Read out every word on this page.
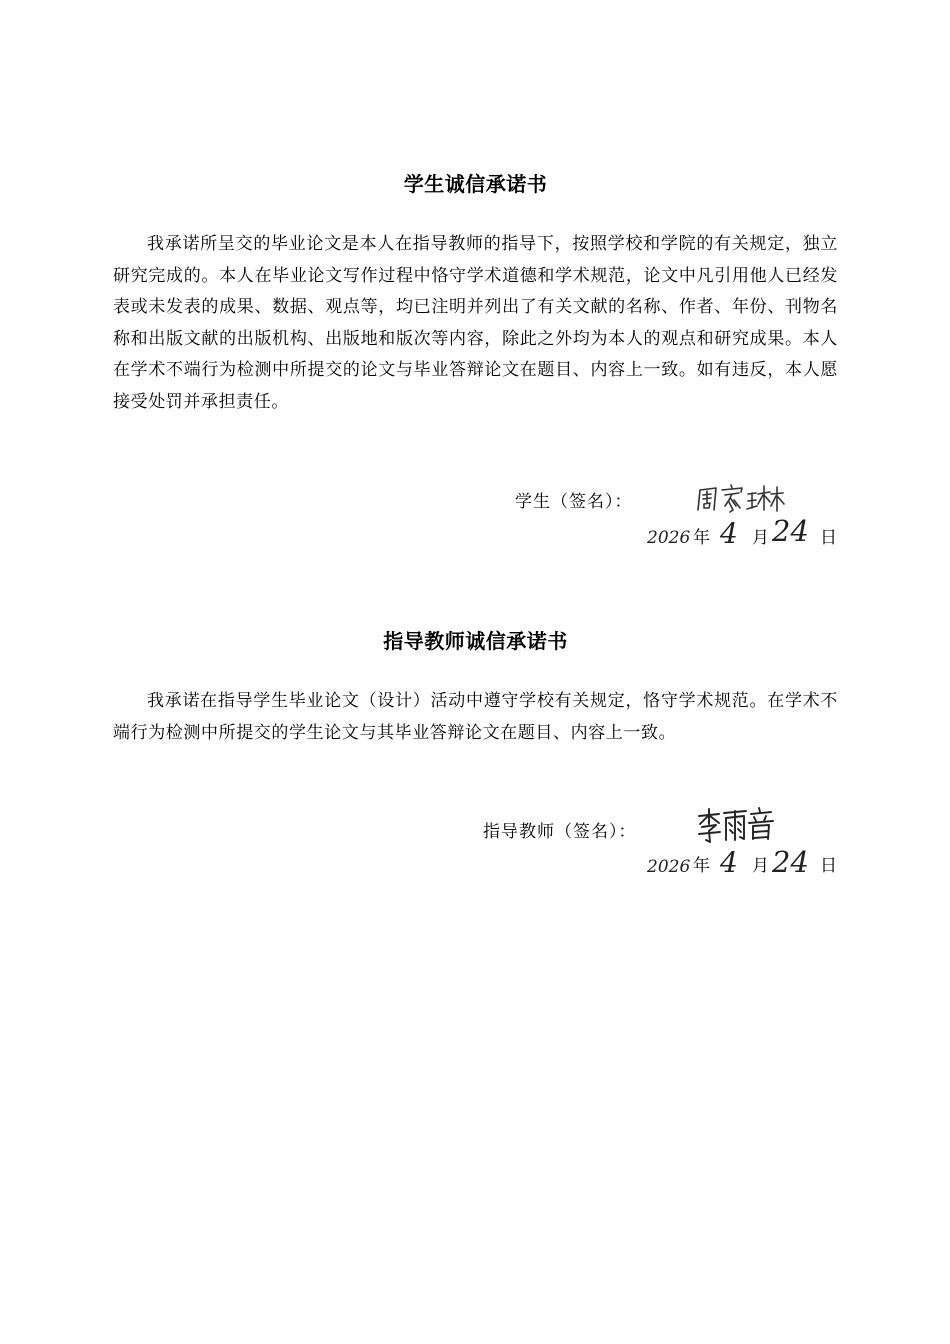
学生诚信承诺书

我承诺所呈交的毕业论文是本人在指导教师的指导下，按照学校和学院的有关规定，独立研究完成的。本人在毕业论文写作过程中恪守学术道德和学术规范，论文中凡引用他人已经发表或未发表的成果、数据、观点等，均已注明并列出了有关文献的名称、作者、年份、刊物名称和出版文献的出版机构、出版地和版次等内容，除此之外均为本人的观点和研究成果。本人在学术不端行为检测中所提交的论文与毕业答辩论文在题目、内容上一致。如有违反，本人愿接受处罚并承担责任。

学生（签名）：
2026 年 4 月 24 日
指导教师诚信承诺书

我承诺在指导学生毕业论文（设计）活动中遵守学校有关规定，恪守学术规范。在学术不端行为检测中所提交的学生论文与其毕业答辩论文在题目、内容上一致。

指导教师（签名）：
2026 年 4 月 24 日
